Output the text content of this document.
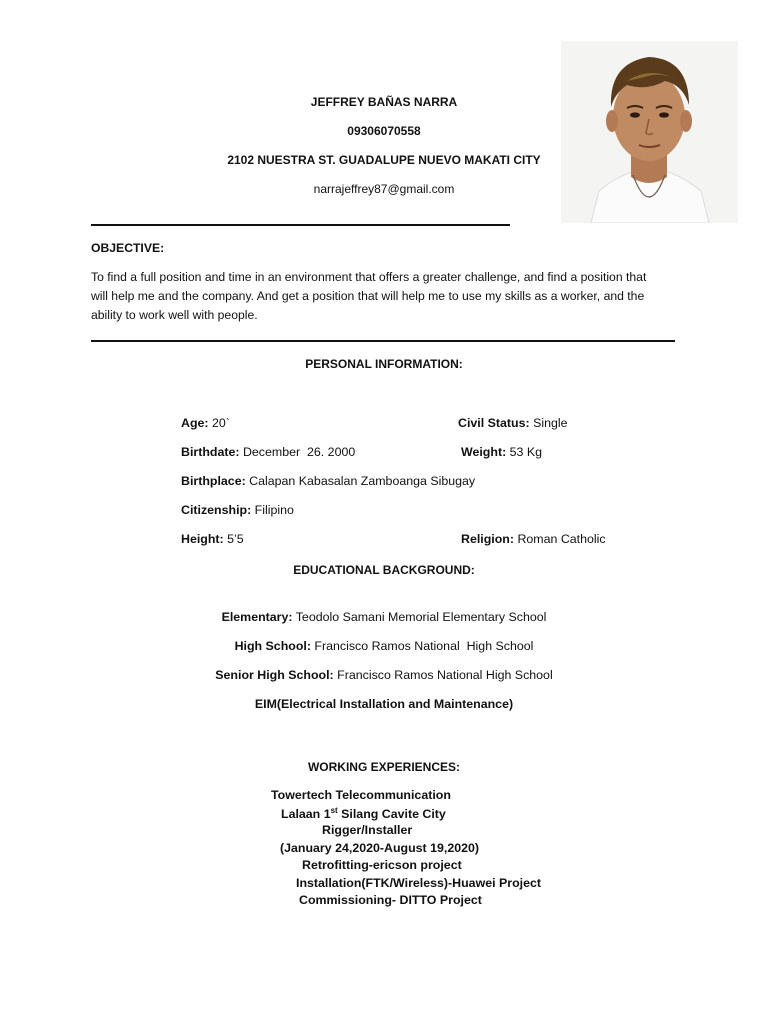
JEFFREY BAÑAS NARRA
09306070558
2102 NUESTRA ST. GUADALUPE NUEVO MAKATI CITY
narrajeffrey87@gmail.com
OBJECTIVE:
To find a full position and time in an environment that offers a greater challenge, and find a position that
will help me and the company. And get a position that will help me to use my skills as a worker, and the
ability to work well with people.
PERSONAL INFORMATION:
Age: 20`	Civil Status: Single
Birthdate: December  26. 2000	Weight: 53 Kg
Birthplace: Calapan Kabasalan Zamboanga Sibugay
Citizenship: Filipino
Height: 5’5	Religion: Roman Catholic
EDUCATIONAL BACKGROUND:
Elementary: Teodolo Samani Memorial Elementary School
High School: Francisco Ramos National  High School
Senior High School: Francisco Ramos National High School
EIM(Electrical Installation and Maintenance)
WORKING EXPERIENCES:
Towertech Telecommunication
Lalaan 1st Silang Cavite City
Rigger/Installer
(January 24,2020-August 19,2020)
Retrofitting-ericson project
Installation(FTK/Wireless)-Huawei Project
Commissioning- DITTO Project
